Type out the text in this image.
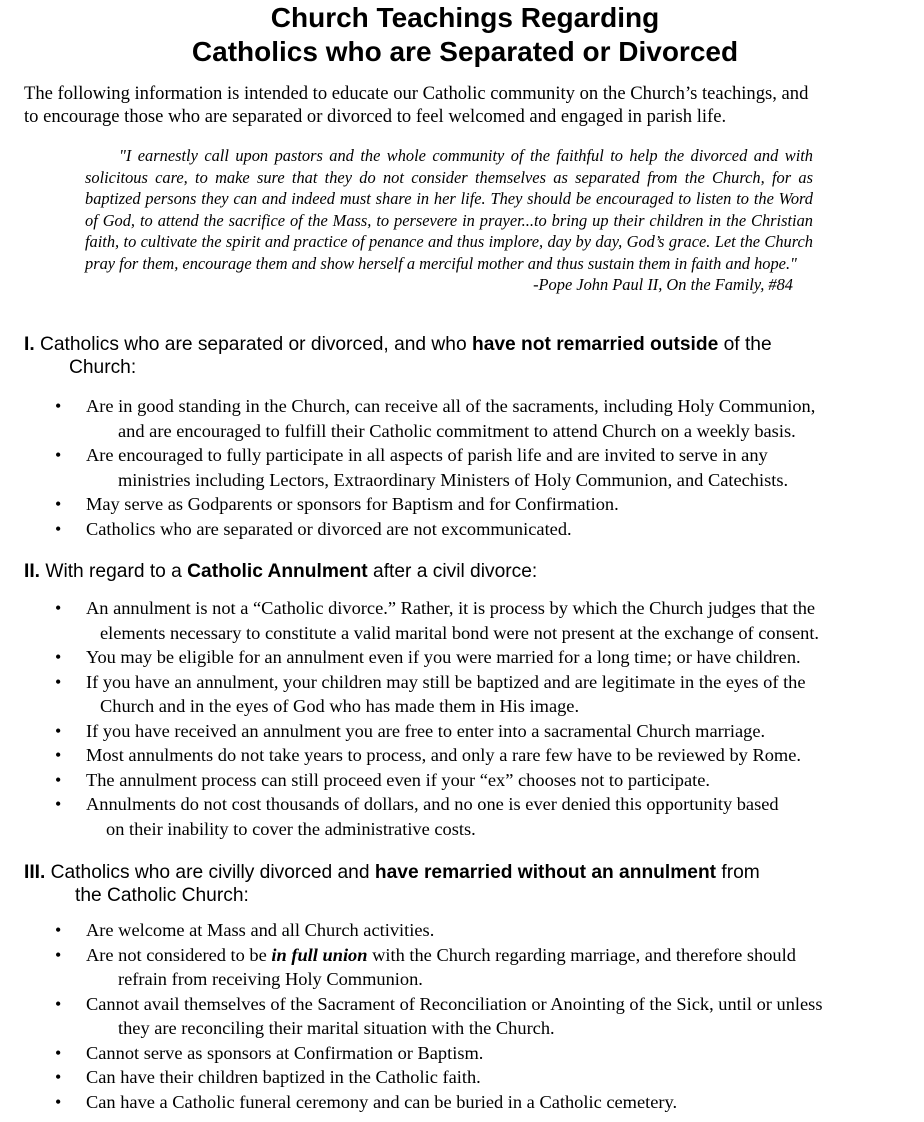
Church Teachings Regarding
Catholics who are Separated or Divorced
The following information is intended to educate our Catholic community on the Church’s teachings, and
to encourage those who are separated or divorced to feel welcomed and engaged in parish life.
"I earnestly call upon pastors and the whole community of the faithful to help the divorced and with solicitous care, to make sure that they do not consider themselves as separated from the Church, for as baptized persons they can and indeed must share in her life. They should be encouraged to listen to the Word of God, to attend the sacrifice of the Mass, to persevere in prayer...to bring up their children in the Christian faith, to cultivate the spirit and practice of penance and thus implore, day by day, God’s grace. Let the Church pray for them, encourage them and show herself a merciful mother and thus sustain them in faith and hope."
-Pope John Paul II, On the Family, #84
I. Catholics who are separated or divorced, and who have not remarried outside of the
Church:
• Are in good standing in the Church, can receive all of the sacraments, including Holy Communion,
and are encouraged to fulfill their Catholic commitment to attend Church on a weekly basis.
• Are encouraged to fully participate in all aspects of parish life and are invited to serve in any
ministries including Lectors, Extraordinary Ministers of Holy Communion, and Catechists.
• May serve as Godparents or sponsors for Baptism and for Confirmation.
• Catholics who are separated or divorced are not excommunicated.
II. With regard to a Catholic Annulment after a civil divorce:
• An annulment is not a “Catholic divorce.” Rather, it is process by which the Church judges that the
elements necessary to constitute a valid marital bond were not present at the exchange of consent.
• You may be eligible for an annulment even if you were married for a long time; or have children.
• If you have an annulment, your children may still be baptized and are legitimate in the eyes of the
Church and in the eyes of God who has made them in His image.
• If you have received an annulment you are free to enter into a sacramental Church marriage.
• Most annulments do not take years to process, and only a rare few have to be reviewed by Rome.
• The annulment process can still proceed even if your “ex” chooses not to participate.
• Annulments do not cost thousands of dollars, and no one is ever denied this opportunity based
on their inability to cover the administrative costs.
III. Catholics who are civilly divorced and have remarried without an annulment from
the Catholic Church:
• Are welcome at Mass and all Church activities.
• Are not considered to be in full union with the Church regarding marriage, and therefore should
refrain from receiving Holy Communion.
• Cannot avail themselves of the Sacrament of Reconciliation or Anointing of the Sick, until or unless
they are reconciling their marital situation with the Church.
• Cannot serve as sponsors at Confirmation or Baptism.
• Can have their children baptized in the Catholic faith.
• Can have a Catholic funeral ceremony and can be buried in a Catholic cemetery.
